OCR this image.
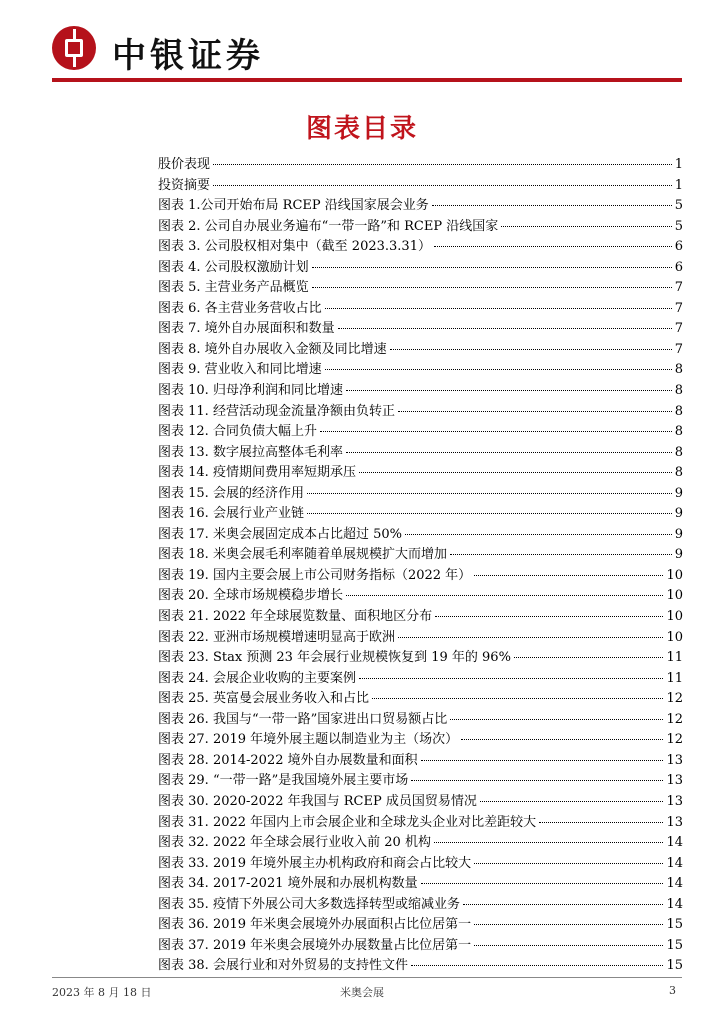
中银证券
图表目录
股价表现	1
投资摘要	1
图表 1.公司开始布局 RCEP 沿线国家展会业务	5
图表 2. 公司自办展业务遍布“一带一路”和 RCEP 沿线国家	5
图表 3. 公司股权相对集中（截至 2023.3.31）	6
图表 4. 公司股权激励计划	6
图表 5. 主营业务产品概览	7
图表 6. 各主营业务营收占比	7
图表 7. 境外自办展面积和数量	7
图表 8. 境外自办展收入金额及同比增速	7
图表 9. 营业收入和同比增速	8
图表 10. 归母净利润和同比增速	8
图表 11. 经营活动现金流量净额由负转正	8
图表 12. 合同负债大幅上升	8
图表 13. 数字展拉高整体毛利率	8
图表 14. 疫情期间费用率短期承压	8
图表 15. 会展的经济作用	9
图表 16. 会展行业产业链	9
图表 17. 米奥会展固定成本占比超过 50%	9
图表 18. 米奥会展毛利率随着单展规模扩大而增加	9
图表 19. 国内主要会展上市公司财务指标（2022 年）	10
图表 20. 全球市场规模稳步增长	10
图表 21. 2022 年全球展览数量、面积地区分布	10
图表 22. 亚洲市场规模增速明显高于欧洲	10
图表 23. Stax 预测 23 年会展行业规模恢复到 19 年的 96%	11
图表 24. 会展企业收购的主要案例	11
图表 25. 英富曼会展业务收入和占比	12
图表 26. 我国与“一带一路”国家进出口贸易额占比	12
图表 27. 2019 年境外展主题以制造业为主（场次）	12
图表 28. 2014-2022 境外自办展数量和面积	13
图表 29. “一带一路”是我国境外展主要市场	13
图表 30. 2020-2022 年我国与 RCEP 成员国贸易情况	13
图表 31. 2022 年国内上市会展企业和全球龙头企业对比差距较大	13
图表 32. 2022 年全球会展行业收入前 20 机构	14
图表 33. 2019 年境外展主办机构政府和商会占比较大	14
图表 34. 2017-2021 境外展和办展机构数量	14
图表 35. 疫情下外展公司大多数选择转型或缩减业务	14
图表 36. 2019 年米奥会展境外办展面积占比位居第一	15
图表 37. 2019 年米奥会展境外办展数量占比位居第一	15
图表 38. 会展行业和对外贸易的支持性文件	15
2023 年 8 月 18 日	米奥会展	3
